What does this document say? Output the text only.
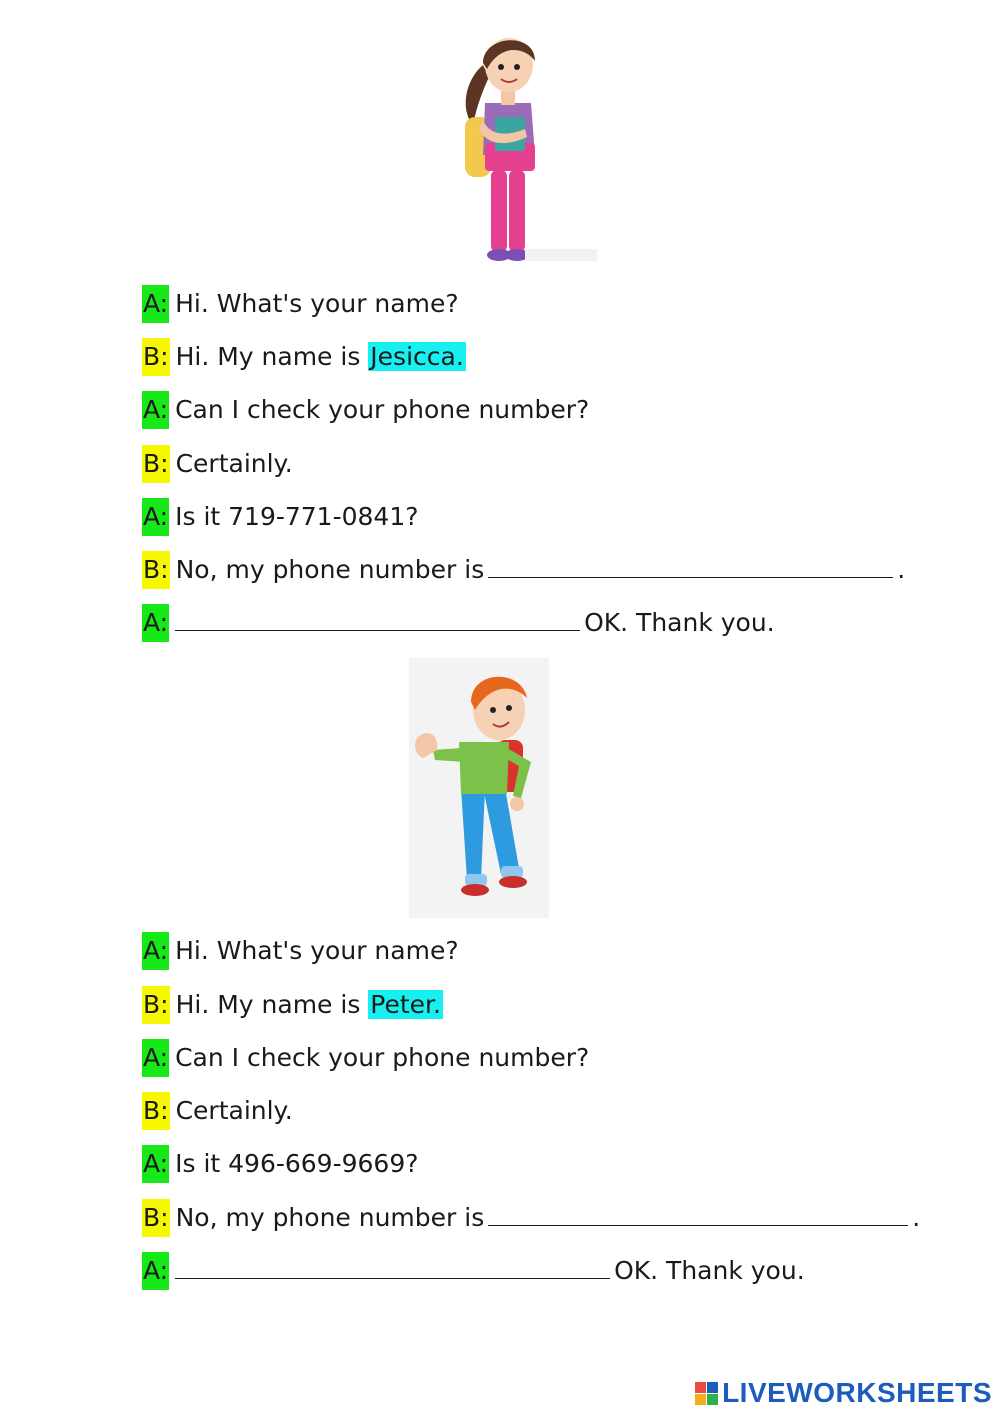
A: Hi. What's your name?
B: Hi. My name is Jesicca.
A: Can I check your phone number?
B: Certainly.
A: Is it 719-771-0841?
B: No, my phone number is	.
A:	OK. Thank you.
A: Hi. What's your name?
B: Hi. My name is Peter.
A: Can I check your phone number?
B: Certainly.
A: Is it 496-669-9669?
B: No, my phone number is	.
A:	OK. Thank you.
LIVEWORKSHEETS
